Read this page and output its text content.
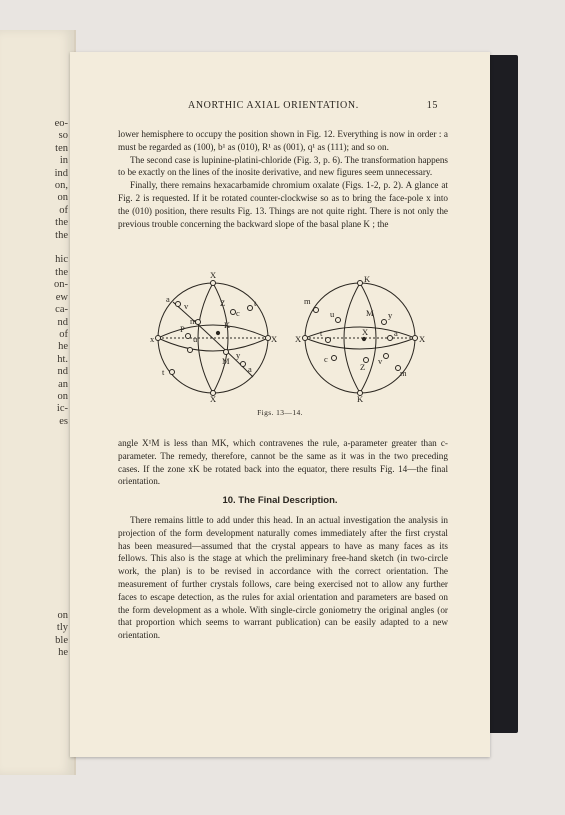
eo-
so
ten
in
ind
on,
on
of
the
the

hic
the
on-
ew
ca-
nd
of
he
ht.
nd
an
on
ic-
es
on
tly
ble
he
ANORTHIC AXIAL ORIENTATION.	15

lower hemisphere to occupy the position shown in Fig. 12. Everything is now in order : a must be regarded as (100), b¹ as (010), R¹ as (001), q¹ as (111); and so on.

The second case is lupinine-platini-chloride (Fig. 3, p. 6). The transformation happens to be exactly on the lines of the inosite derivative, and new figures seem unnecessary.

Finally, there remains hexacarbamide chromium oxalate (Figs. 1-2, p. 2). A glance at Fig. 2 is requested. If it be rotated counter-clockwise so as to bring the face-pole x into the (010) position, there results Fig. 13. Things are not quite right. There is not only the previous trouble concerning the backward slope of the basal plane K ; the

X
a
v	Z	t
c
m	K
P
x	u	X
t
M
y
a
X
m
K
u	M y
X
t	X	a
X
c
Z
v
m
K
Figs. 13—14.

angle X¹M is less than MK, which contravenes the rule, a-parameter greater than c-parameter. The remedy, therefore, cannot be the same as it was in the two preceding cases. If the zone xK be rotated back into the equator, there results Fig. 14—the final orientation.

10. The Final Description.

There remains little to add under this head. In an actual investigation the analysis in projection of the form development naturally comes immediately after the first crystal has been measured—assumed that the crystal appears to have as many faces as its fellows. This also is the stage at which the preliminary free-hand sketch (in two-circle work, the plan) is to be revised in accordance with the correct orientation. The measurement of further crystals follows, care being exercised not to allow any further faces to escape detection, as the rules for axial orientation and parameters are based on the form development as a whole. With single-circle goniometry the original angles (or that proportion which seems to warrant publication) can be easily adapted to a new orientation.
